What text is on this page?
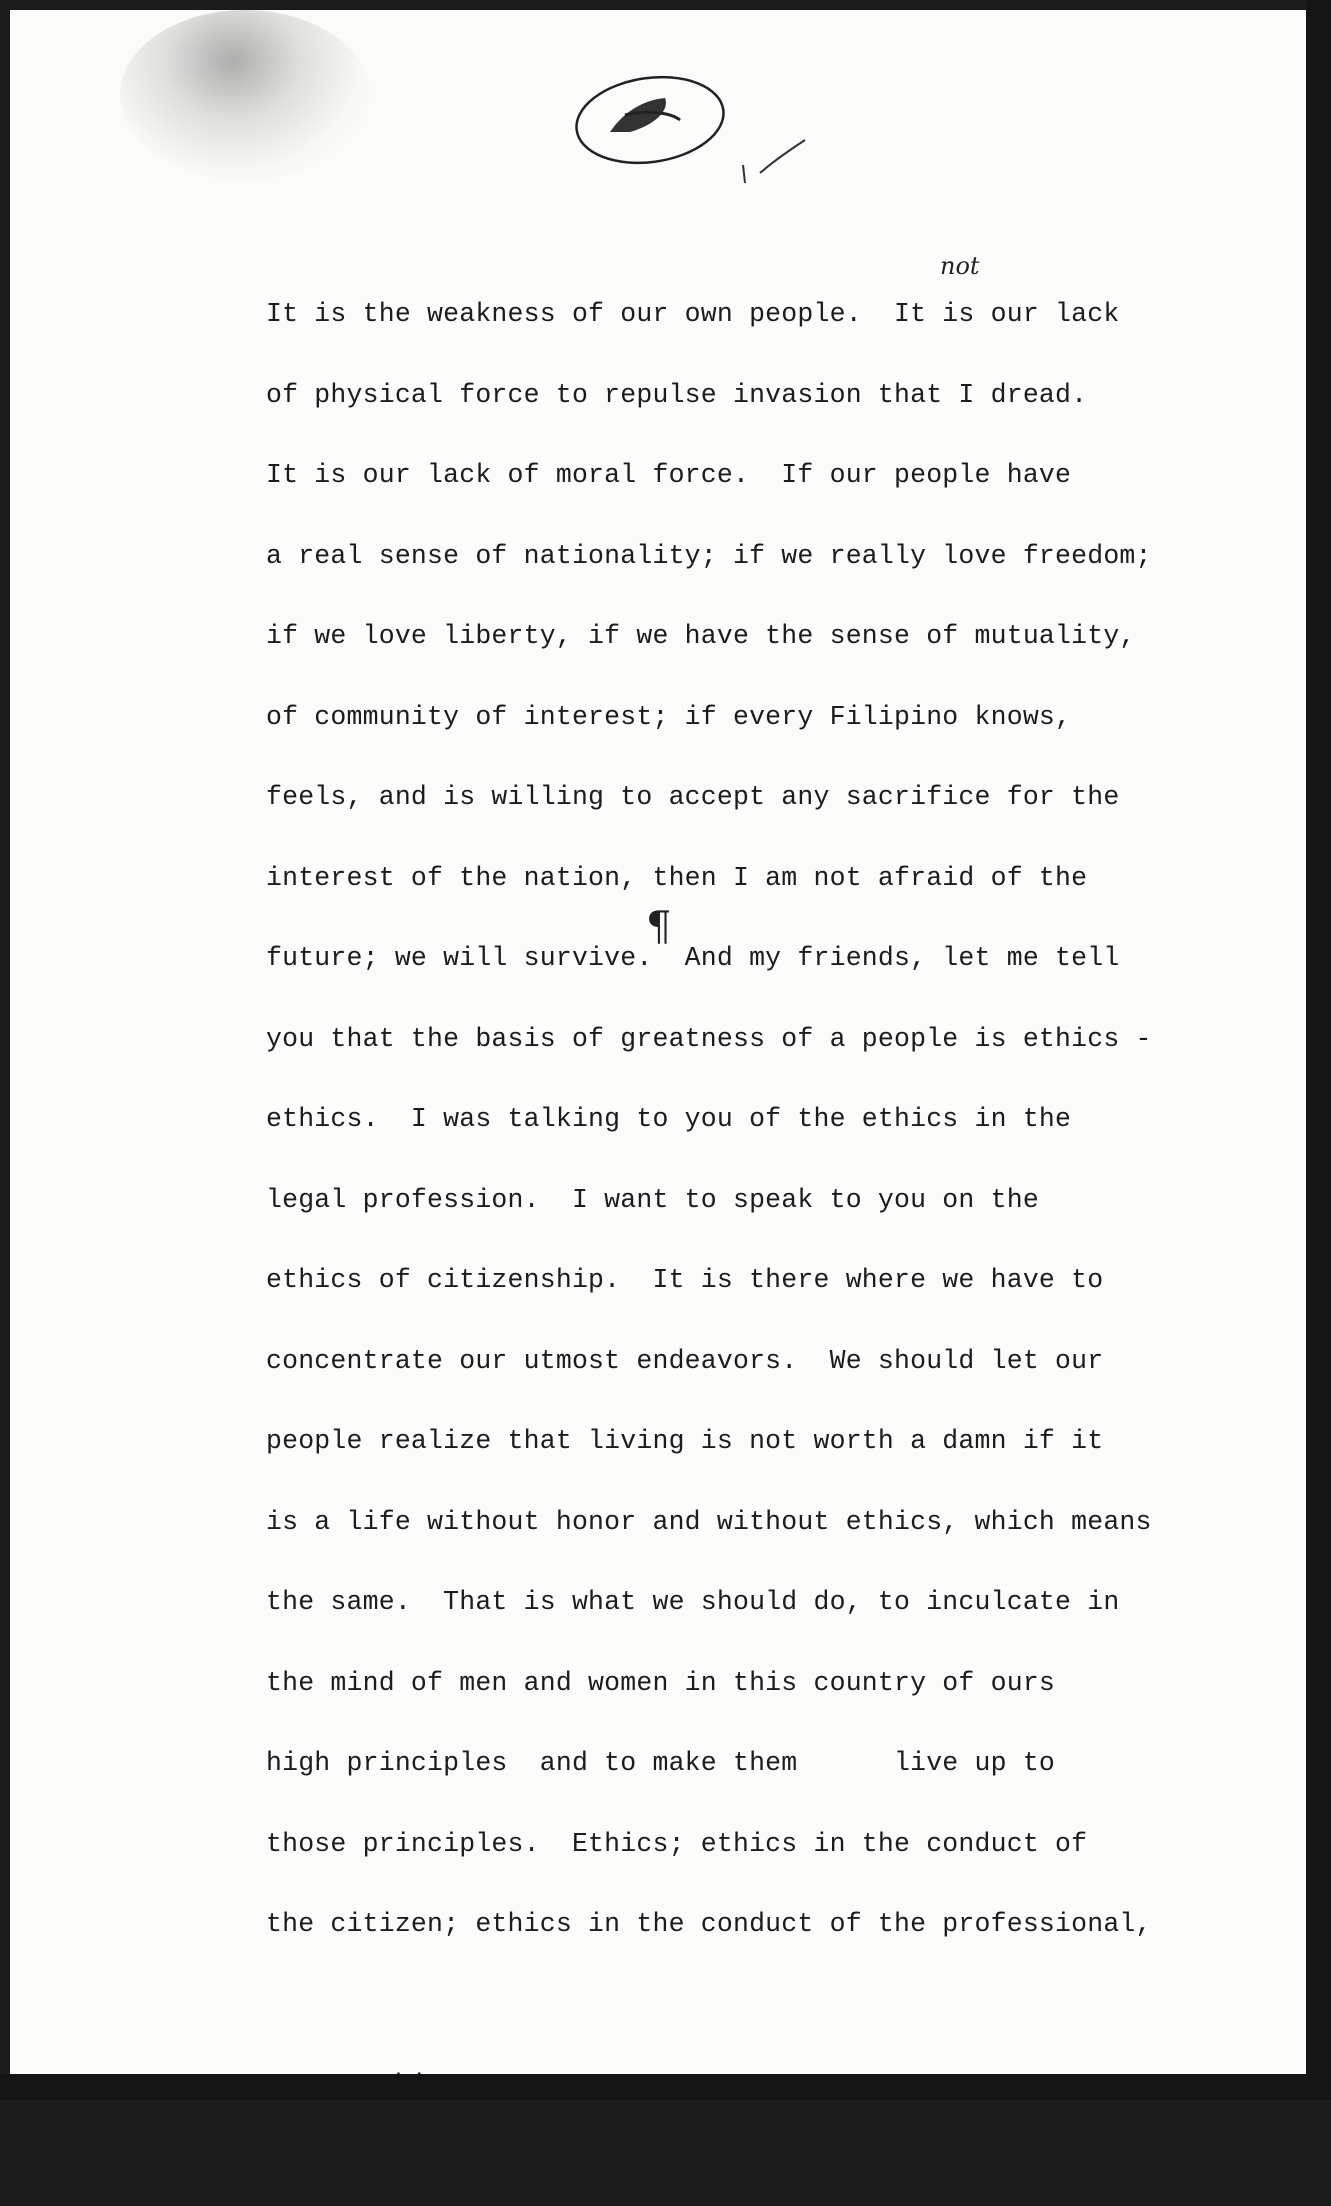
not
¶
It is the weakness of our own people.  It is our lack
of physical force to repulse invasion that I dread.
It is our lack of moral force.  If our people have
a real sense of nationality; if we really love freedom;
if we love liberty, if we have the sense of mutuality,
of community of interest; if every Filipino knows,
feels, and is willing to accept any sacrifice for the
interest of the nation, then I am not afraid of the
future; we will survive.  And my friends, let me tell
you that the basis of greatness of a people is ethics -
ethics.  I was talking to you of the ethics in the
legal profession.  I want to speak to you on the
ethics of citizenship.  It is there where we have to
concentrate our utmost endeavors.  We should let our
people realize that living is not worth a damn if it
is a life without honor and without ethics, which means
the same.  That is what we should do, to inculcate in
the mind of men and women in this country of ours
high principles  and to make them      live up to
those principles.  Ethics; ethics in the conduct of
the citizen; ethics in the conduct of the professional,
